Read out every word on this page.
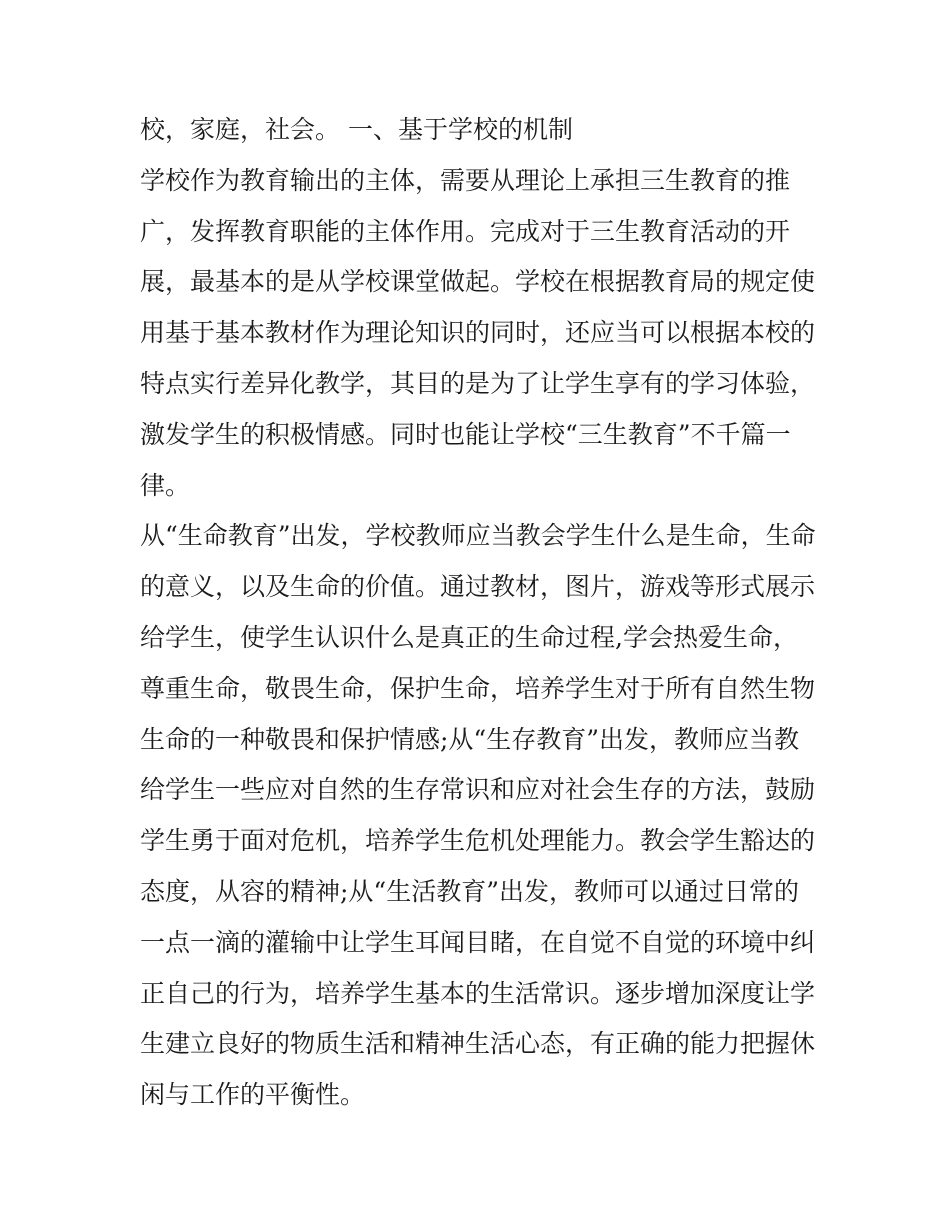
校，家庭，社会。 一、基于学校的机制
学校作为教育输出的主体，需要从理论上承担三生教育的推
广，发挥教育职能的主体作用。完成对于三生教育活动的开
展，最基本的是从学校课堂做起。学校在根据教育局的规定使
用基于基本教材作为理论知识的同时，还应当可以根据本校的
特点实行差异化教学，其目的是为了让学生享有的学习体验，
激发学生的积极情感。同时也能让学校“三生教育”不千篇一
律。
从“生命教育”出发，学校教师应当教会学生什么是生命，生命
的意义，以及生命的价值。通过教材，图片，游戏等形式展示
给学生，使学生认识什么是真正的生命过程,学会热爱生命，
尊重生命，敬畏生命，保护生命，培养学生对于所有自然生物
生命的一种敬畏和保护情感;从“生存教育”出发，教师应当教
给学生一些应对自然的生存常识和应对社会生存的方法，鼓励
学生勇于面对危机，培养学生危机处理能力。教会学生豁达的
态度，从容的精神;从“生活教育”出发，教师可以通过日常的
一点一滴的灌输中让学生耳闻目睹，在自觉不自觉的环境中纠
正自己的行为，培养学生基本的生活常识。逐步增加深度让学
生建立良好的物质生活和精神生活心态，有正确的能力把握休
闲与工作的平衡性。
